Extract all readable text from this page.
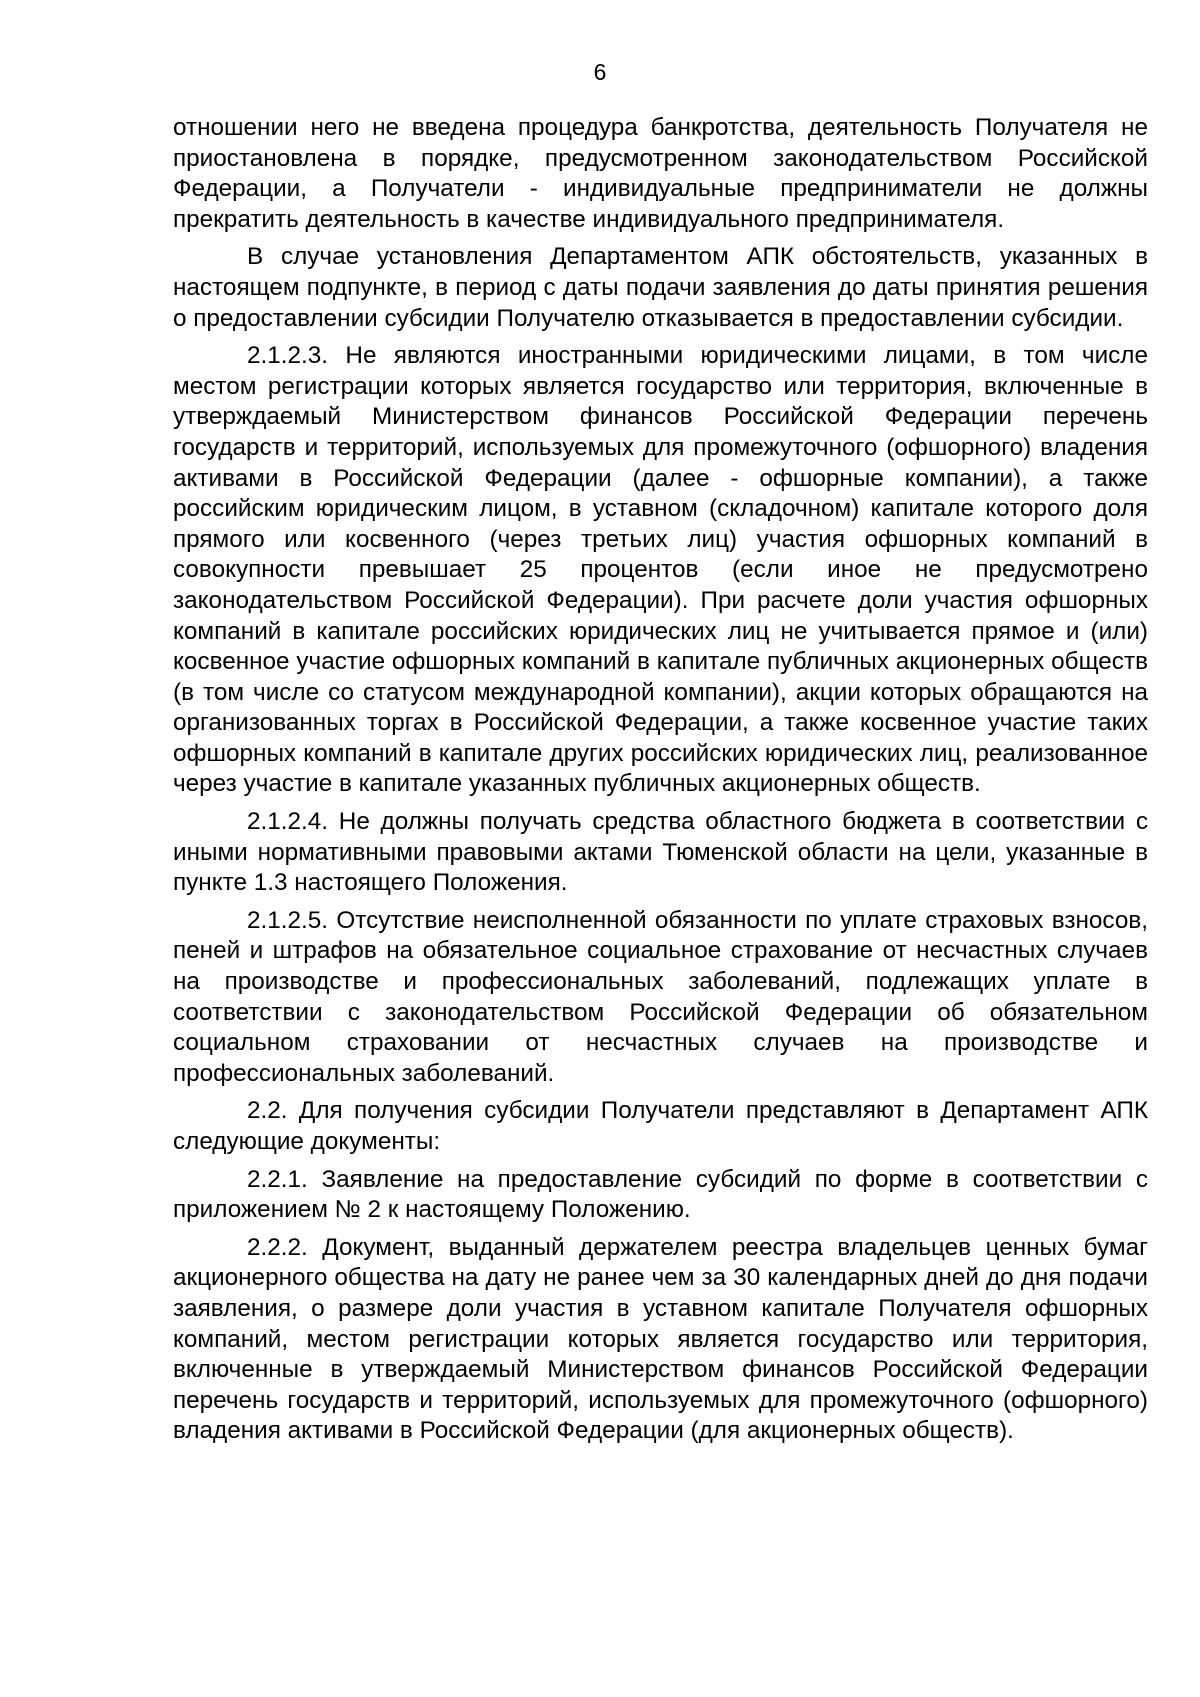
6

отношении него не введена процедура банкротства, деятельность Получателя не приостановлена в порядке, предусмотренном законодательством Российской Федерации, а Получатели - индивидуальные предприниматели не должны прекратить деятельность в качестве индивидуального предпринимателя.

В случае установления Департаментом АПК обстоятельств, указанных в настоящем подпункте, в период с даты подачи заявления до даты принятия решения о предоставлении субсидии Получателю отказывается в предоставлении субсидии.

2.1.2.3. Не являются иностранными юридическими лицами, в том числе местом регистрации которых является государство или территория, включенные в утверждаемый Министерством финансов Российской Федерации перечень государств и территорий, используемых для промежуточного (офшорного) владения активами в Российской Федерации (далее - офшорные компании), а также российским юридическим лицом, в уставном (складочном) капитале которого доля прямого или косвенного (через третьих лиц) участия офшорных компаний в совокупности превышает 25 процентов (если иное не предусмотрено законодательством Российской Федерации). При расчете доли участия офшорных компаний в капитале российских юридических лиц не учитывается прямое и (или) косвенное участие офшорных компаний в капитале публичных акционерных обществ (в том числе со статусом международной компании), акции которых обращаются на организованных торгах в Российской Федерации, а также косвенное участие таких офшорных компаний в капитале других российских юридических лиц, реализованное через участие в капитале указанных публичных акционерных обществ.

2.1.2.4. Не должны получать средства областного бюджета в соответствии с иными нормативными правовыми актами Тюменской области на цели, указанные в пункте 1.3 настоящего Положения.

2.1.2.5. Отсутствие неисполненной обязанности по уплате страховых взносов, пеней и штрафов на обязательное социальное страхование от несчастных случаев на производстве и профессиональных заболеваний, подлежащих уплате в соответствии с законодательством Российской Федерации об обязательном социальном страховании от несчастных случаев на производстве и профессиональных заболеваний.

2.2. Для получения субсидии Получатели представляют в Департамент АПК следующие документы:

2.2.1. Заявление на предоставление субсидий по форме в соответствии с приложением № 2 к настоящему Положению.

2.2.2. Документ, выданный держателем реестра владельцев ценных бумаг акционерного общества на дату не ранее чем за 30 календарных дней до дня подачи заявления, о размере доли участия в уставном капитале Получателя офшорных компаний, местом регистрации которых является государство или территория, включенные в утверждаемый Министерством финансов Российской Федерации перечень государств и территорий, используемых для промежуточного (офшорного) владения активами в Российской Федерации (для акционерных обществ).
